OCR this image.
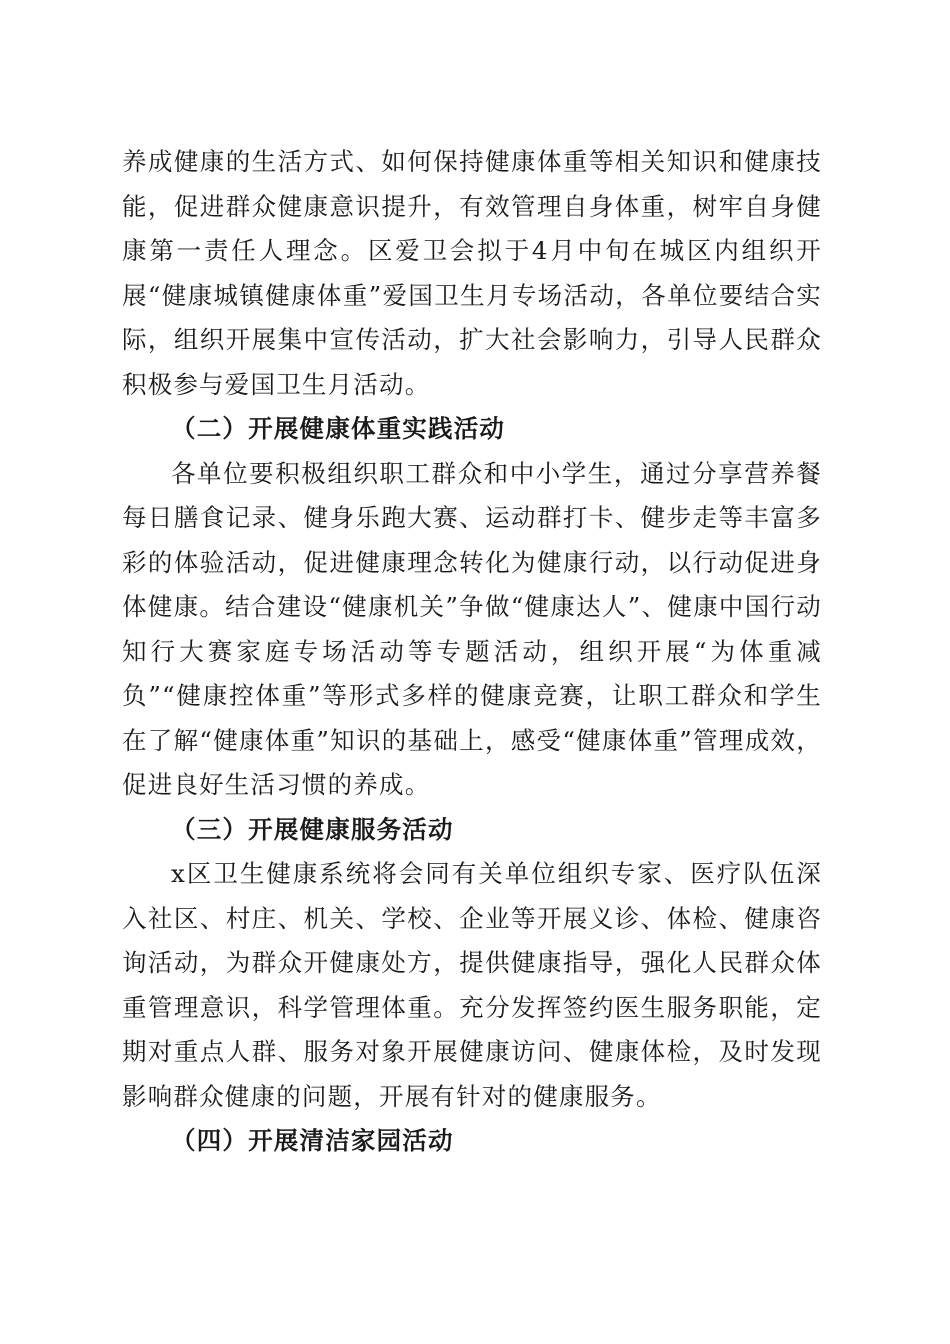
养成健康的生活方式、如何保持健康体重等相关知识和健康技能，促进群众健康意识提升，有效管理自身体重，树牢自身健康第一责任人理念。区爱卫会拟于4月中旬在城区内组织开展“健康城镇健康体重”爱国卫生月专场活动，各单位要结合实际，组织开展集中宣传活动，扩大社会影响力，引导人民群众积极参与爱国卫生月活动。

（二）开展健康体重实践活动

各单位要积极组织职工群众和中小学生，通过分享营养餐每日膳食记录、健身乐跑大赛、运动群打卡、健步走等丰富多彩的体验活动，促进健康理念转化为健康行动，以行动促进身体健康。结合建设“健康机关”争做“健康达人”、健康中国行动知行大赛家庭专场活动等专题活动，组织开展“为体重减负”“健康控体重”等形式多样的健康竞赛，让职工群众和学生在了解“健康体重”知识的基础上，感受“健康体重”管理成效，促进良好生活习惯的养成。

（三）开展健康服务活动

x区卫生健康系统将会同有关单位组织专家、医疗队伍深入社区、村庄、机关、学校、企业等开展义诊、体检、健康咨询活动，为群众开健康处方，提供健康指导，强化人民群众体重管理意识，科学管理体重。充分发挥签约医生服务职能，定期对重点人群、服务对象开展健康访问、健康体检，及时发现影响群众健康的问题，开展有针对的健康服务。

（四）开展清洁家园活动
